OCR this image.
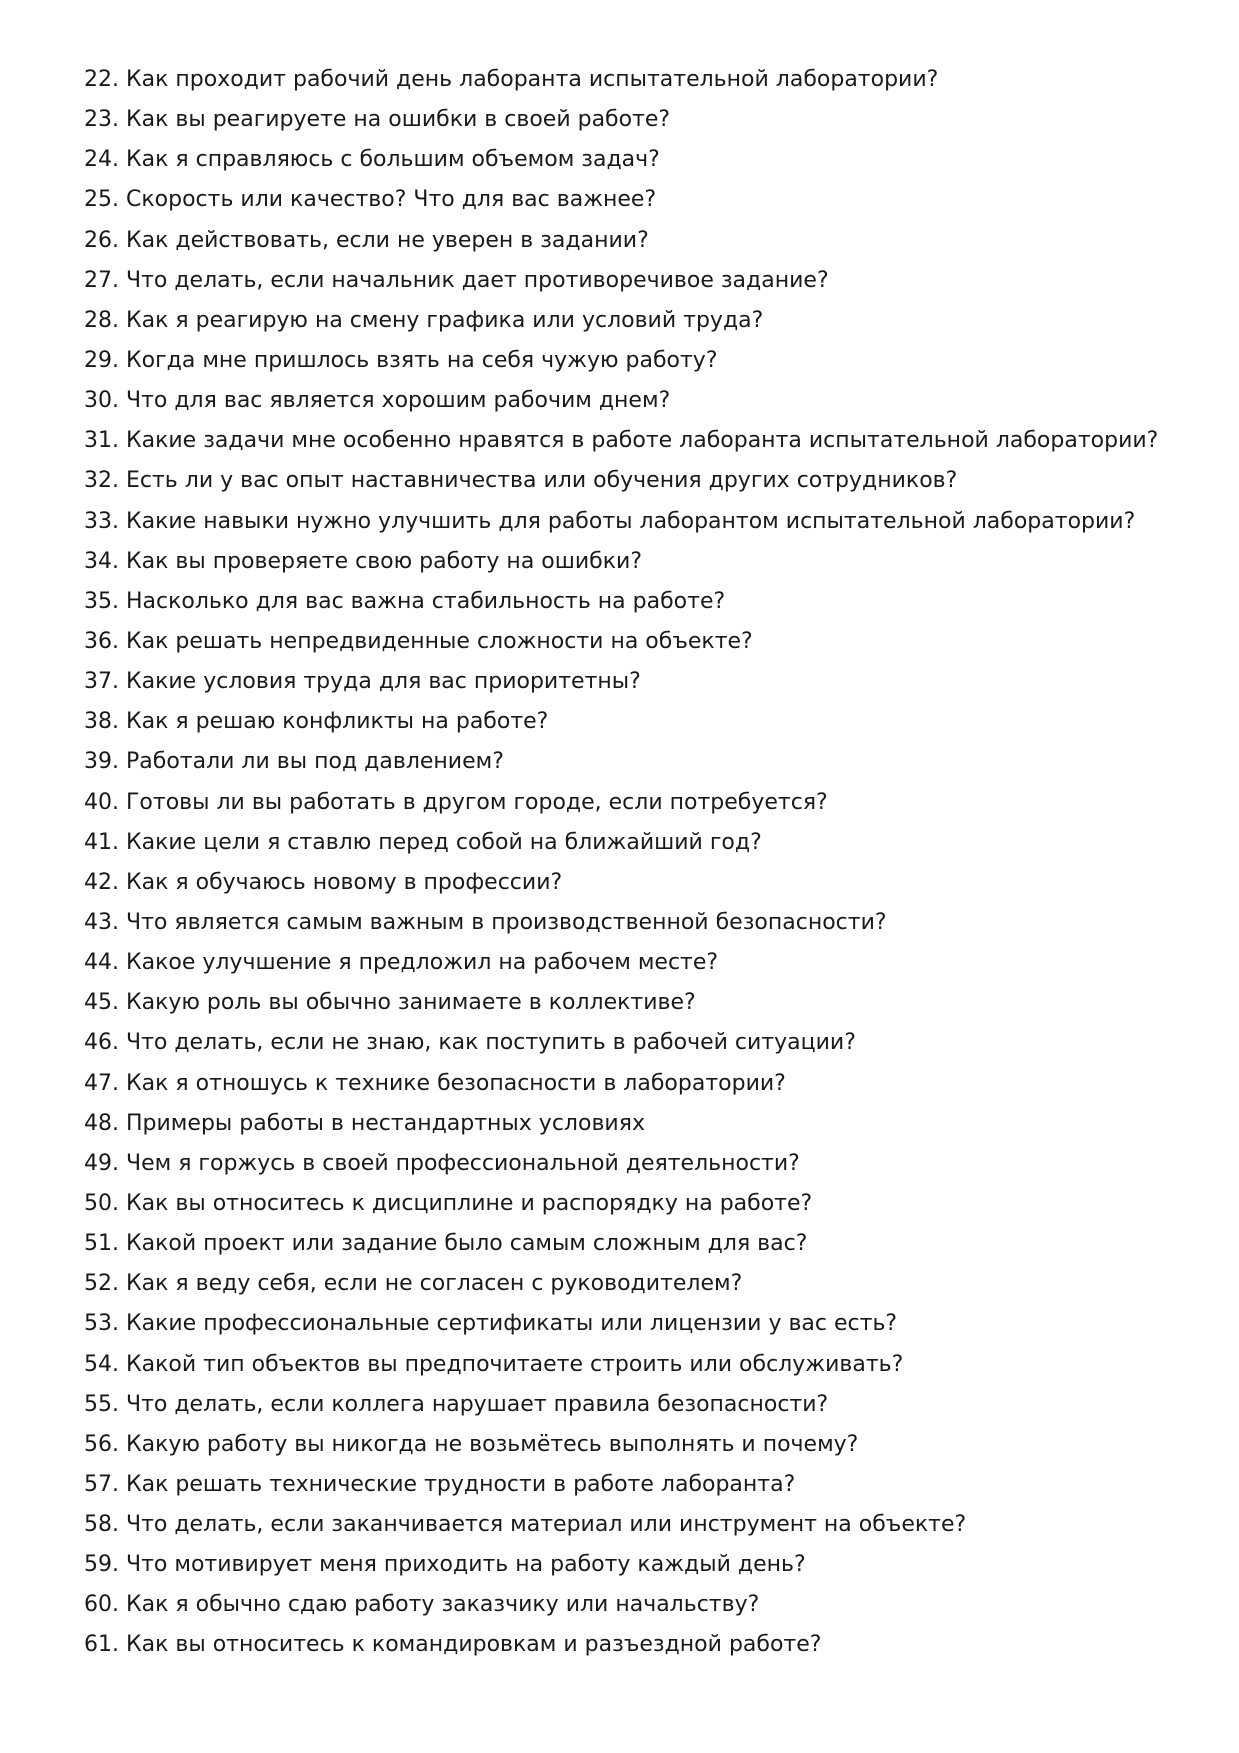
22. Как проходит рабочий день лаборанта испытательной лаборатории?
23. Как вы реагируете на ошибки в своей работе?
24. Как я справляюсь с большим объемом задач?
25. Скорость или качество? Что для вас важнее?
26. Как действовать, если не уверен в задании?
27. Что делать, если начальник дает противоречивое задание?
28. Как я реагирую на смену графика или условий труда?
29. Когда мне пришлось взять на себя чужую работу?
30. Что для вас является хорошим рабочим днем?
31. Какие задачи мне особенно нравятся в работе лаборанта испытательной лаборатории?
32. Есть ли у вас опыт наставничества или обучения других сотрудников?
33. Какие навыки нужно улучшить для работы лаборантом испытательной лаборатории?
34. Как вы проверяете свою работу на ошибки?
35. Насколько для вас важна стабильность на работе?
36. Как решать непредвиденные сложности на объекте?
37. Какие условия труда для вас приоритетны?
38. Как я решаю конфликты на работе?
39. Работали ли вы под давлением?
40. Готовы ли вы работать в другом городе, если потребуется?
41. Какие цели я ставлю перед собой на ближайший год?
42. Как я обучаюсь новому в профессии?
43. Что является самым важным в производственной безопасности?
44. Какое улучшение я предложил на рабочем месте?
45. Какую роль вы обычно занимаете в коллективе?
46. Что делать, если не знаю, как поступить в рабочей ситуации?
47. Как я отношусь к технике безопасности в лаборатории?
48. Примеры работы в нестандартных условиях
49. Чем я горжусь в своей профессиональной деятельности?
50. Как вы относитесь к дисциплине и распорядку на работе?
51. Какой проект или задание было самым сложным для вас?
52. Как я веду себя, если не согласен с руководителем?
53. Какие профессиональные сертификаты или лицензии у вас есть?
54. Какой тип объектов вы предпочитаете строить или обслуживать?
55. Что делать, если коллега нарушает правила безопасности?
56. Какую работу вы никогда не возьмётесь выполнять и почему?
57. Как решать технические трудности в работе лаборанта?
58. Что делать, если заканчивается материал или инструмент на объекте?
59. Что мотивирует меня приходить на работу каждый день?
60. Как я обычно сдаю работу заказчику или начальству?
61. Как вы относитесь к командировкам и разъездной работе?
